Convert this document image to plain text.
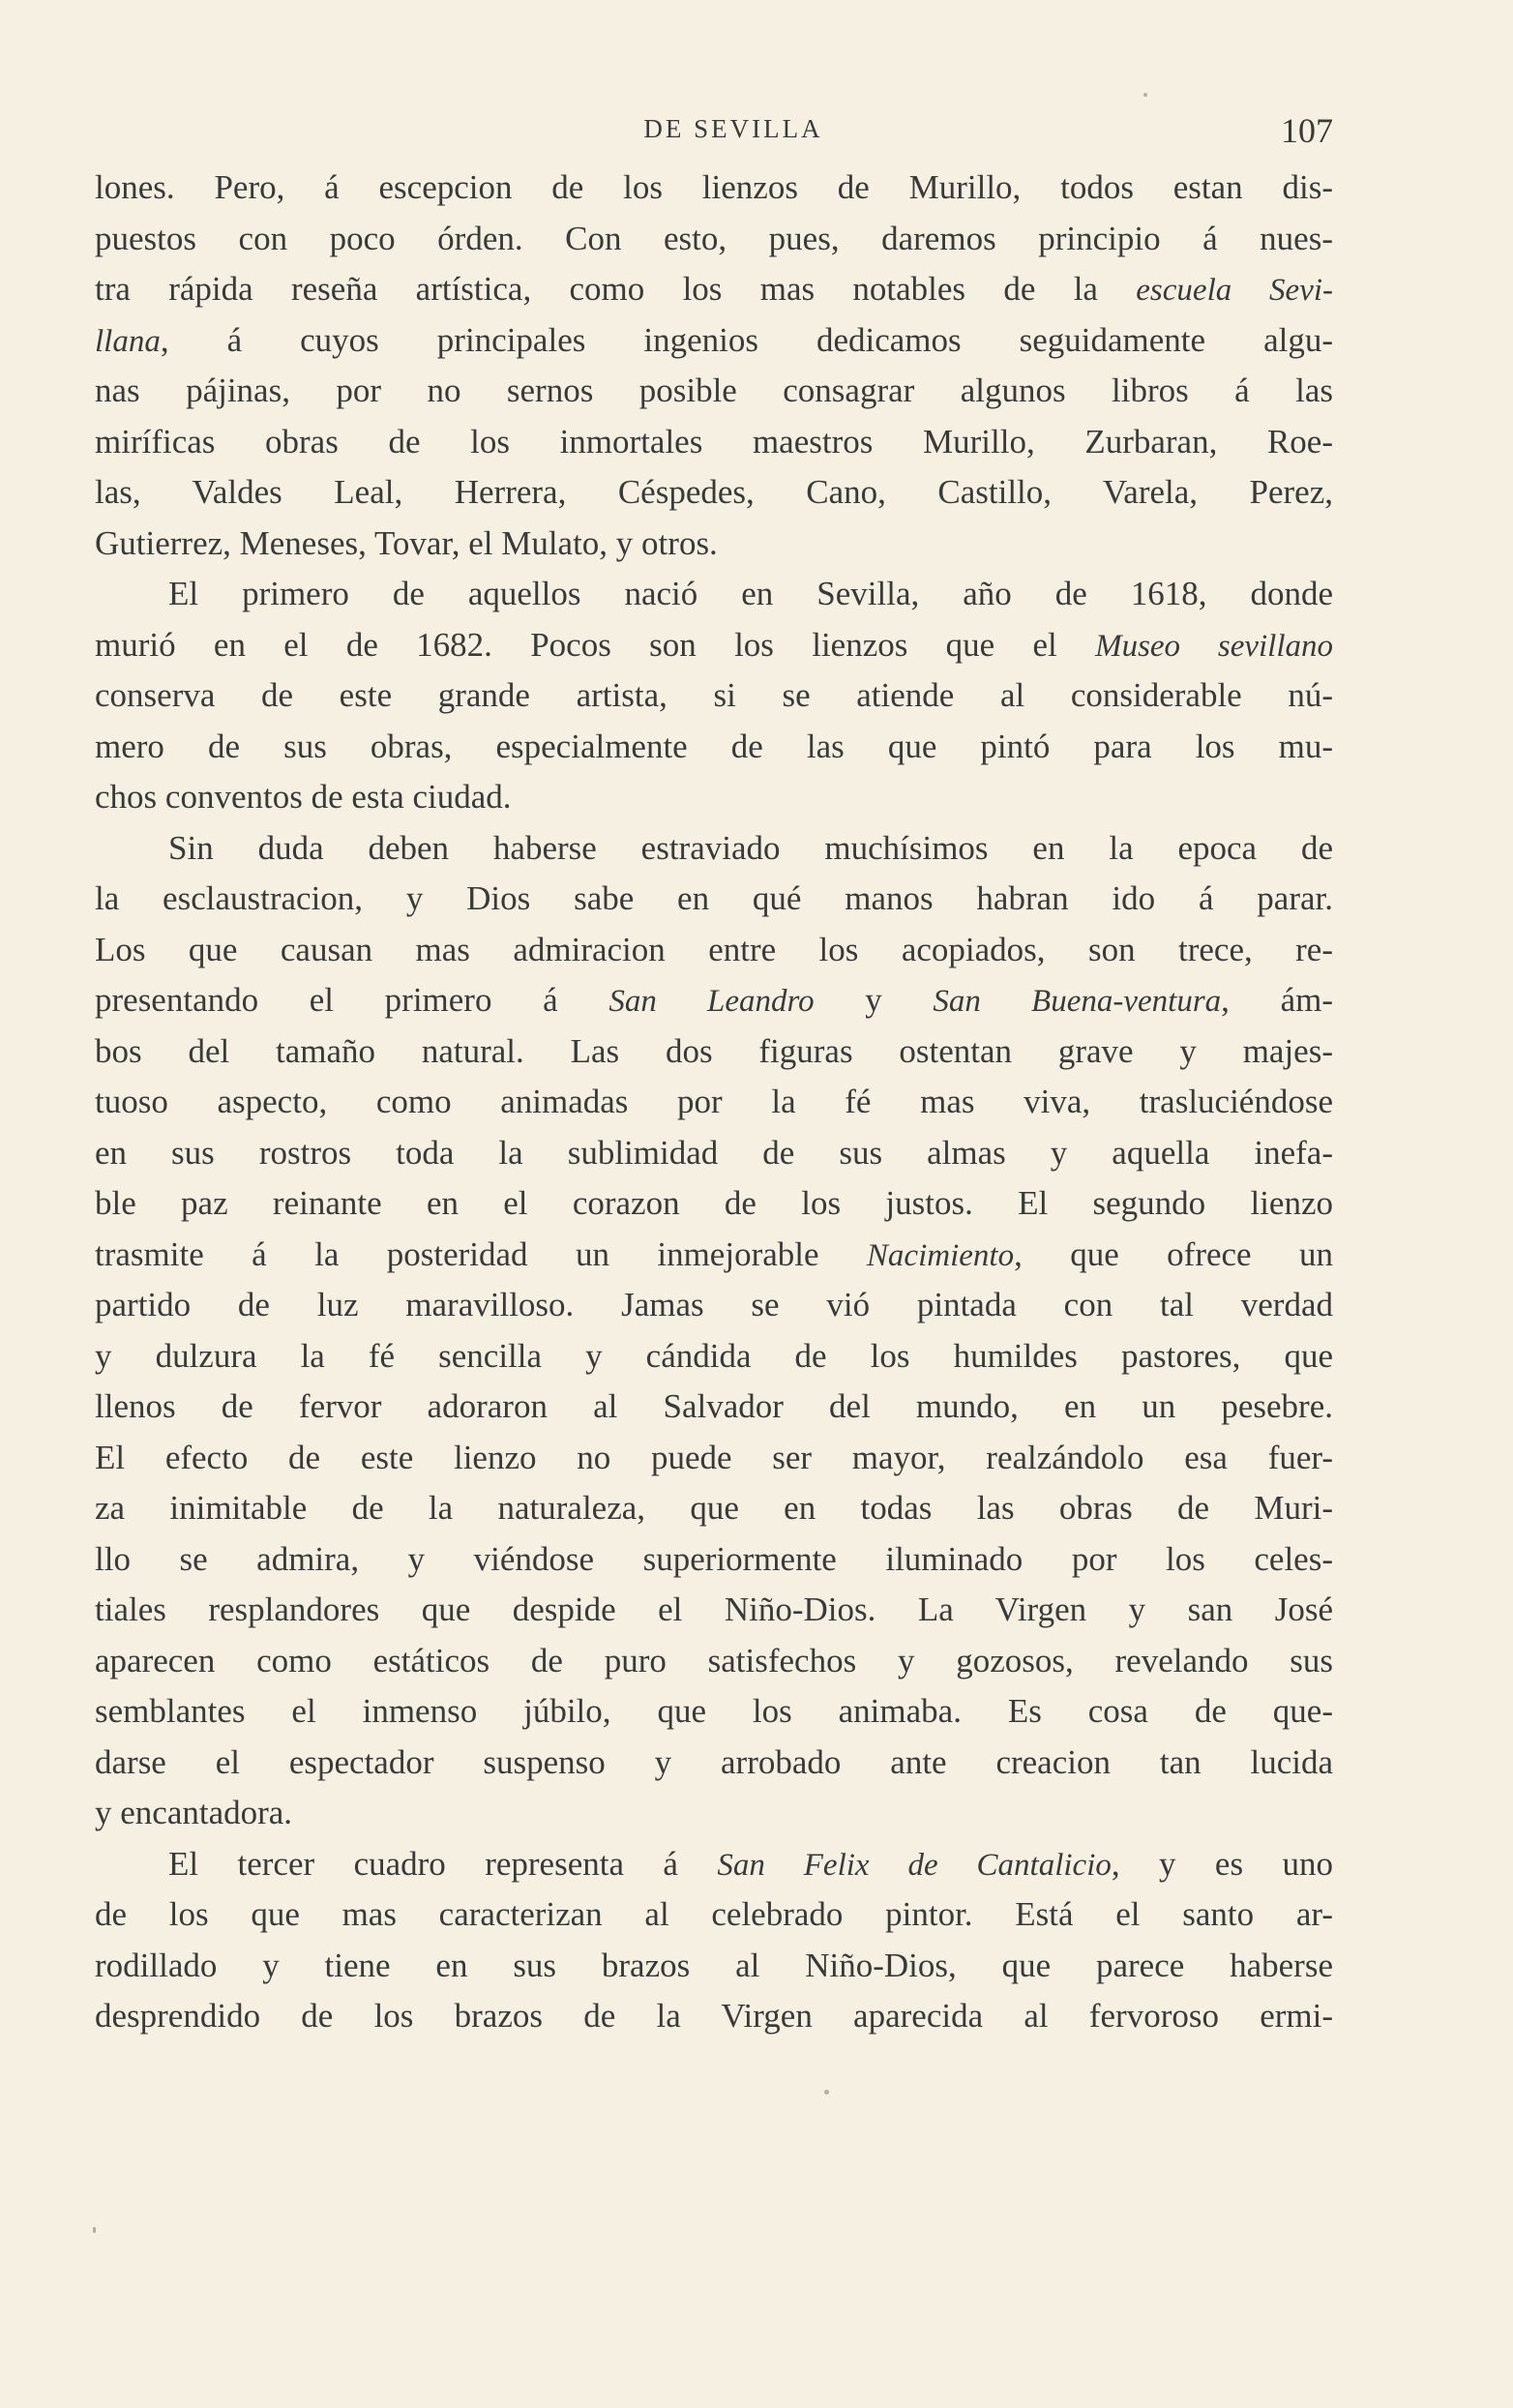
DE SEVILLA	107
lones. Pero, á escepcion de los lienzos de Murillo, todos estan dis-
puestos con poco órden. Con esto, pues, daremos principio á nues-
tra rápida reseña artística, como los mas notables de la escuela Sevi-
llana, á cuyos principales ingenios dedicamos seguidamente algu-
nas pájinas, por no sernos posible consagrar algunos libros á las
miríficas obras de los inmortales maestros Murillo, Zurbaran, Roe-
las, Valdes Leal, Herrera, Céspedes, Cano, Castillo, Varela, Perez,
Gutierrez, Meneses, Tovar, el Mulato, y otros.
El primero de aquellos nació en Sevilla, año de 1618, donde
murió en el de 1682. Pocos son los lienzos que el Museo sevillano
conserva de este grande artista, si se atiende al considerable nú-
mero de sus obras, especialmente de las que pintó para los mu-
chos conventos de esta ciudad.
Sin duda deben haberse estraviado muchísimos en la epoca de
la esclaustracion, y Dios sabe en qué manos habran ido á parar.
Los que causan mas admiracion entre los acopiados, son trece, re-
presentando el primero á San Leandro y San Buena-ventura, ám-
bos del tamaño natural. Las dos figuras ostentan grave y majes-
tuoso aspecto, como animadas por la fé mas viva, trasluciéndose
en sus rostros toda la sublimidad de sus almas y aquella inefa-
ble paz reinante en el corazon de los justos. El segundo lienzo
trasmite á la posteridad un inmejorable Nacimiento, que ofrece un
partido de luz maravilloso. Jamas se vió pintada con tal verdad
y dulzura la fé sencilla y cándida de los humildes pastores, que
llenos de fervor adoraron al Salvador del mundo, en un pesebre.
El efecto de este lienzo no puede ser mayor, realzándolo esa fuer-
za inimitable de la naturaleza, que en todas las obras de Muri-
llo se admira, y viéndose superiormente iluminado por los celes-
tiales resplandores que despide el Niño-Dios. La Virgen y san José
aparecen como estáticos de puro satisfechos y gozosos, revelando sus
semblantes el inmenso júbilo, que los animaba. Es cosa de que-
darse el espectador suspenso y arrobado ante creacion tan lucida
y encantadora.
El tercer cuadro representa á San Felix de Cantalicio, y es uno
de los que mas caracterizan al celebrado pintor. Está el santo ar-
rodillado y tiene en sus brazos al Niño-Dios, que parece haberse
desprendido de los brazos de la Virgen aparecida al fervoroso ermi-
